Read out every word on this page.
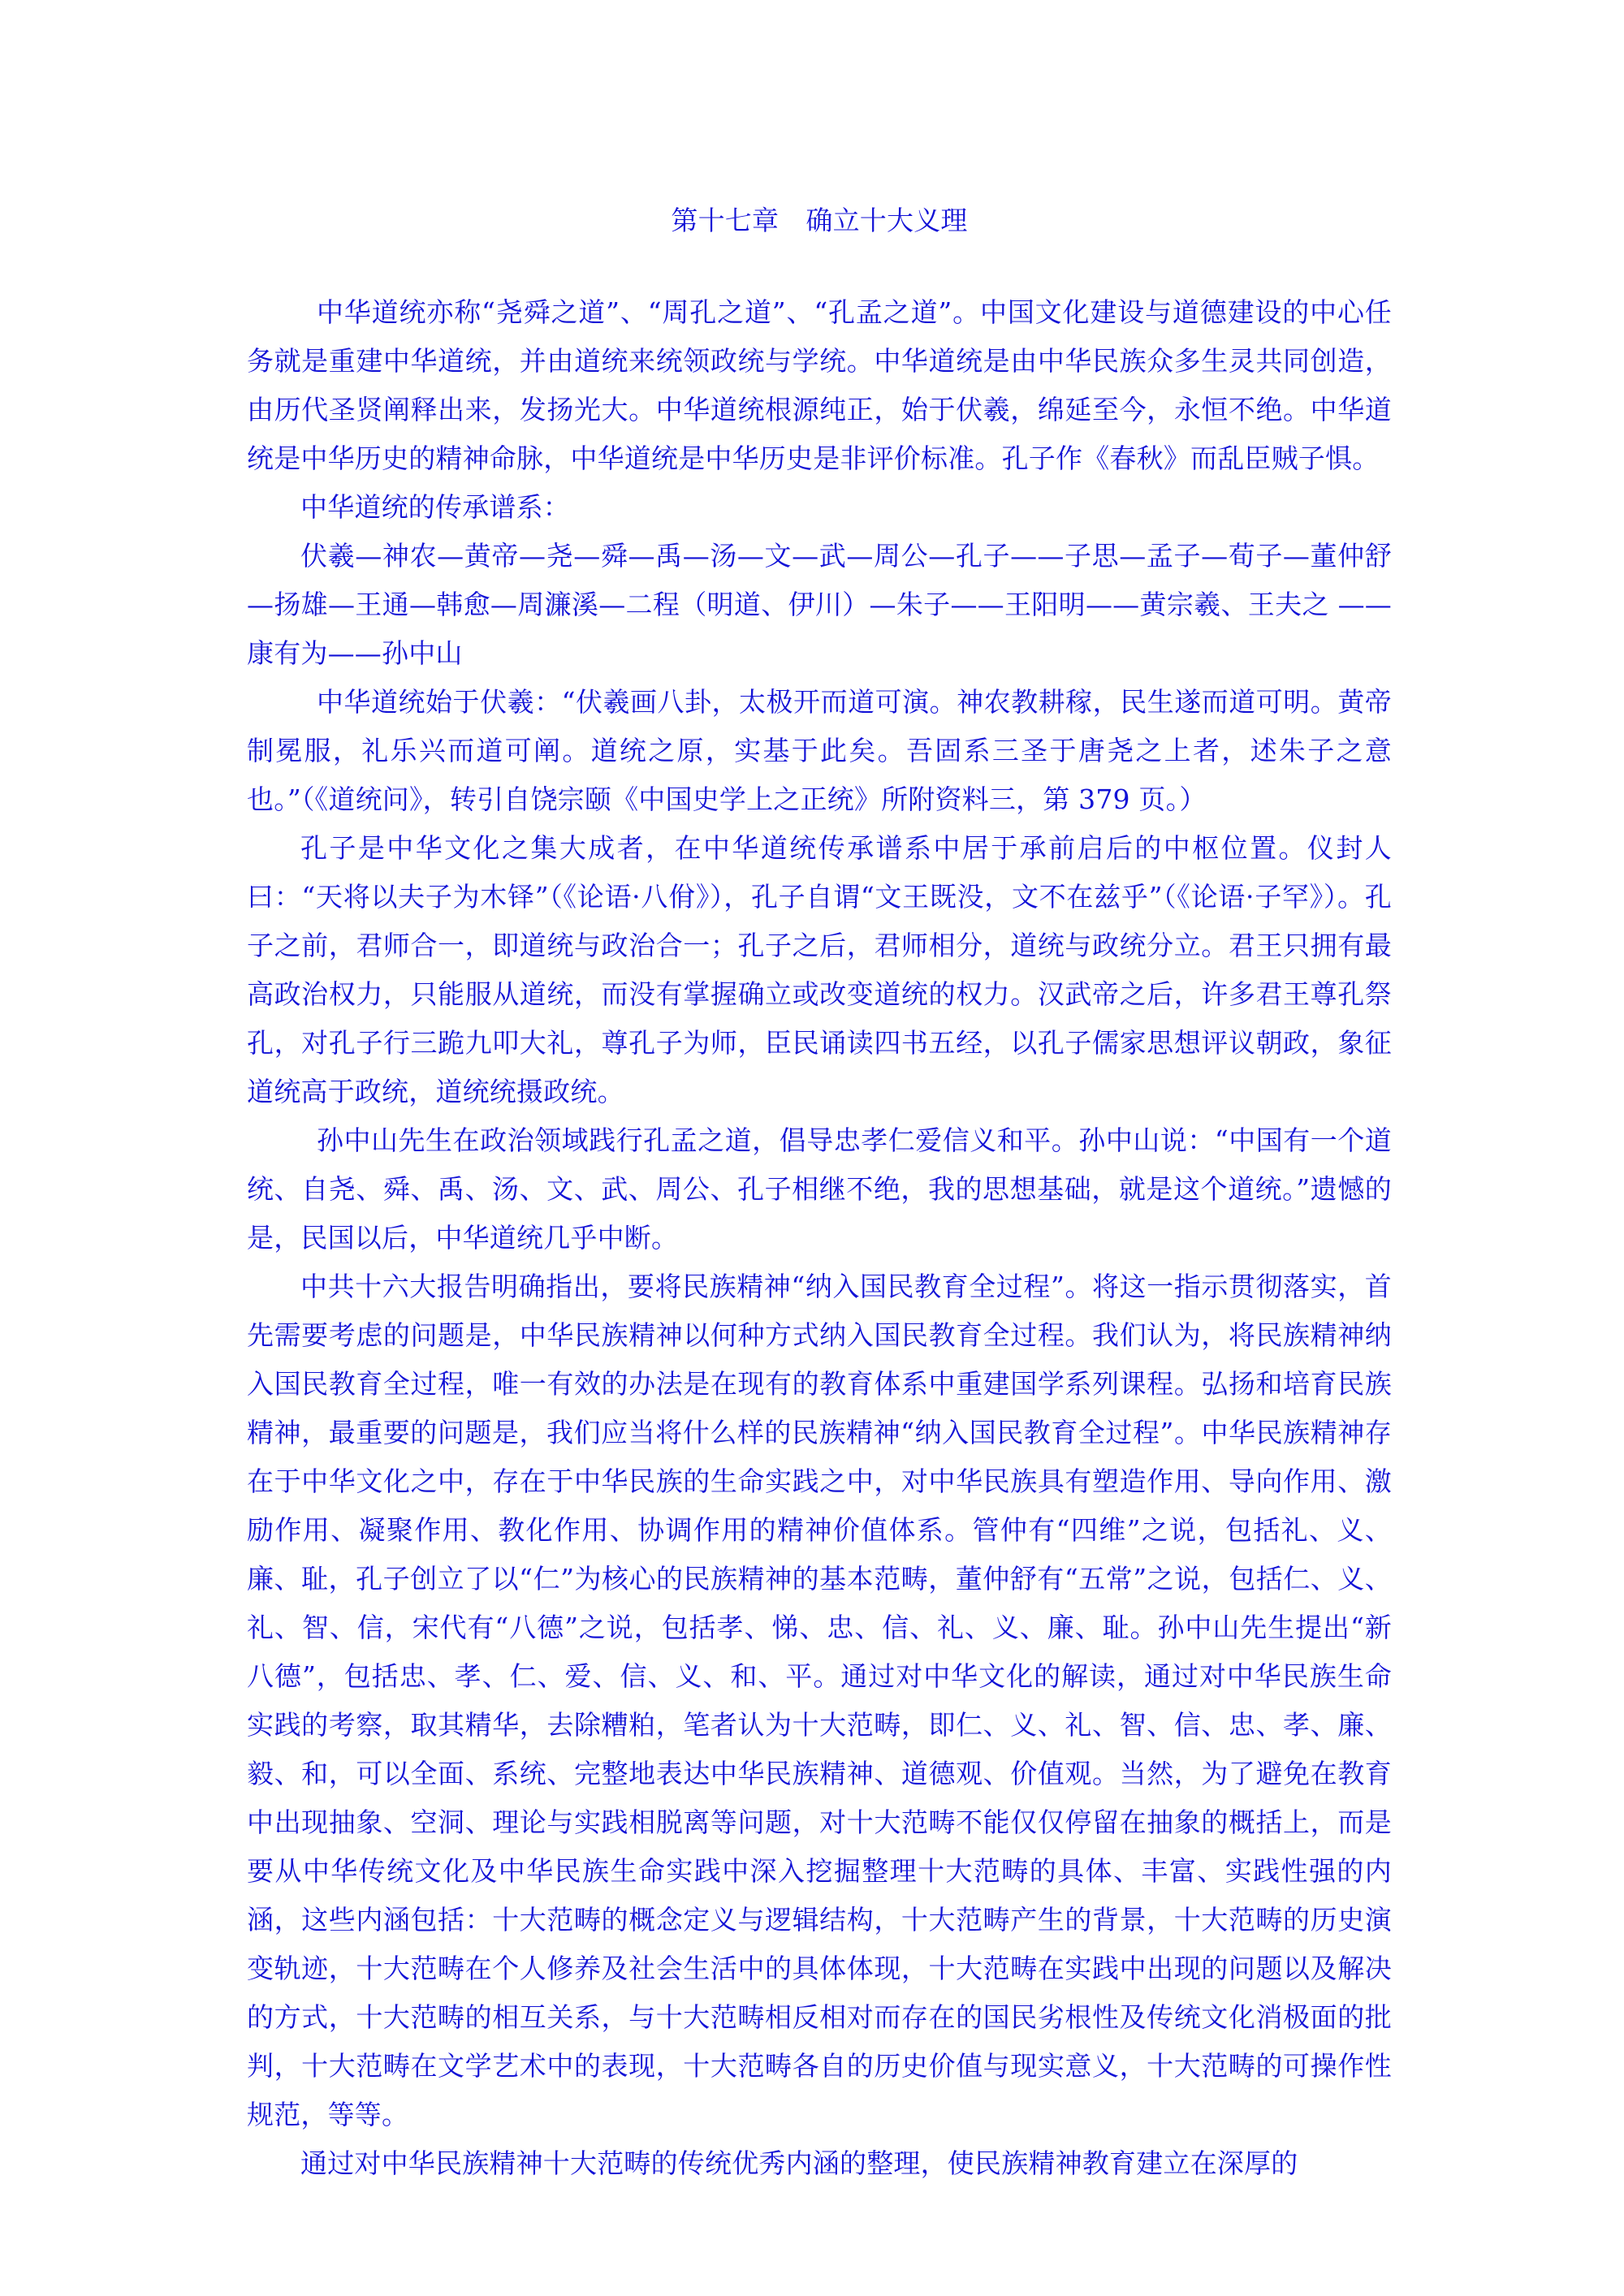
第十七章　确立十大义理

中华道统亦称“尧舜之道”、“周孔之道”、“孔孟之道”。中国文化建设与道德建设的中心任务就是重建中华道统，并由道统来统领政统与学统。中华道统是由中华民族众多生灵共同创造，由历代圣贤阐释出来，发扬光大。中华道统根源纯正，始于伏羲，绵延至今，永恒不绝。中华道统是中华历史的精神命脉，中华道统是中华历史是非评价标准。孔子作《春秋》而乱臣贼子惧。

中华道统的传承谱系：

伏羲—神农—黄帝—尧—舜—禹—汤—文—武—周公—孔子——子思—孟子—荀子—董仲舒—扬雄—王通—韩愈—周濂溪—二程（明道、伊川）—朱子——王阳明——黄宗羲、王夫之 ——康有为——孙中山

中华道统始于伏羲：“伏羲画八卦，太极开而道可演。神农教耕稼，民生遂而道可明。黄帝制冕服，礼乐兴而道可阐。道统之原，实基于此矣。吾固系三圣于唐尧之上者，述朱子之意也。”（《道统问》，转引自饶宗颐《中国史学上之正统》所附资料三，第 379 页。）

孔子是中华文化之集大成者，在中华道统传承谱系中居于承前启后的中枢位置。仪封人曰：“天将以夫子为木铎”（《论语·八佾》），孔子自谓“文王既没，文不在兹乎”（《论语·子罕》）。孔子之前，君师合一，即道统与政治合一；孔子之后，君师相分，道统与政统分立。君王只拥有最高政治权力，只能服从道统，而没有掌握确立或改变道统的权力。汉武帝之后，许多君王尊孔祭孔，对孔子行三跪九叩大礼，尊孔子为师，臣民诵读四书五经，以孔子儒家思想评议朝政，象征道统高于政统，道统统摄政统。

孙中山先生在政治领域践行孔孟之道，倡导忠孝仁爱信义和平。孙中山说：“中国有一个道统、自尧、舜、禹、汤、文、武、周公、孔子相继不绝，我的思想基础，就是这个道统。”遗憾的是，民国以后，中华道统几乎中断。

中共十六大报告明确指出，要将民族精神“纳入国民教育全过程”。将这一指示贯彻落实，首先需要考虑的问题是，中华民族精神以何种方式纳入国民教育全过程。我们认为，将民族精神纳入国民教育全过程，唯一有效的办法是在现有的教育体系中重建国学系列课程。弘扬和培育民族精神，最重要的问题是，我们应当将什么样的民族精神“纳入国民教育全过程”。中华民族精神存在于中华文化之中，存在于中华民族的生命实践之中，对中华民族具有塑造作用、导向作用、激励作用、凝聚作用、教化作用、协调作用的精神价值体系。管仲有“四维”之说，包括礼、义、廉、耻，孔子创立了以“仁”为核心的民族精神的基本范畴，董仲舒有“五常”之说，包括仁、义、礼、智、信，宋代有“八德”之说，包括孝、悌、忠、信、礼、义、廉、耻。孙中山先生提出“新八德”，包括忠、孝、仁、爱、信、义、和、平。通过对中华文化的解读，通过对中华民族生命实践的考察，取其精华，去除糟粕，笔者认为十大范畴，即仁、义、礼、智、信、忠、孝、廉、毅、和，可以全面、系统、完整地表达中华民族精神、道德观、价值观。当然，为了避免在教育中出现抽象、空洞、理论与实践相脱离等问题，对十大范畴不能仅仅停留在抽象的概括上，而是要从中华传统文化及中华民族生命实践中深入挖掘整理十大范畴的具体、丰富、实践性强的内涵，这些内涵包括：十大范畴的概念定义与逻辑结构，十大范畴产生的背景，十大范畴的历史演变轨迹，十大范畴在个人修养及社会生活中的具体体现，十大范畴在实践中出现的问题以及解决的方式，十大范畴的相互关系，与十大范畴相反相对而存在的国民劣根性及传统文化消极面的批判，十大范畴在文学艺术中的表现，十大范畴各自的历史价值与现实意义，十大范畴的可操作性规范，等等。

通过对中华民族精神十大范畴的传统优秀内涵的整理，使民族精神教育建立在深厚的
